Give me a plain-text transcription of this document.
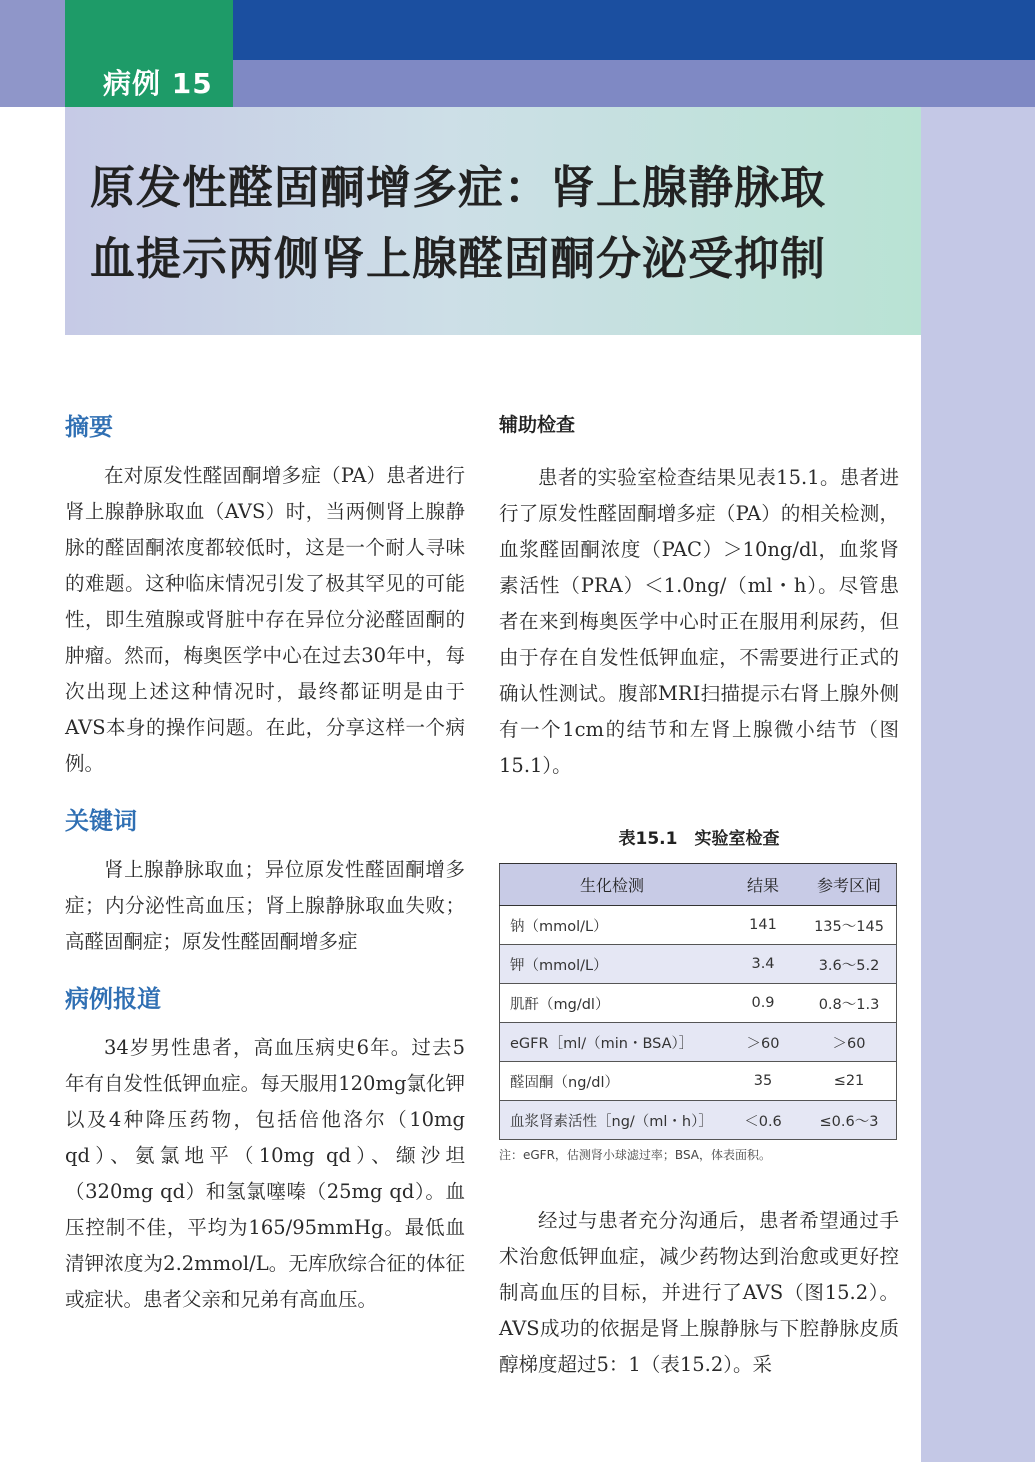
病例 15
原发性醛固酮增多症：肾上腺静脉取
血提示两侧肾上腺醛固酮分泌受抑制
摘要

在对原发性醛固酮增多症（PA）患者进行肾上腺静脉取血（AVS）时，当两侧肾上腺静脉的醛固酮浓度都较低时，这是一个耐人寻味的难题。这种临床情况引发了极其罕见的可能性，即生殖腺或肾脏中存在异位分泌醛固酮的肿瘤。然而，梅奥医学中心在过去30年中，每次出现上述这种情况时，最终都证明是由于AVS本身的操作问题。在此，分享这样一个病例。

关键词

肾上腺静脉取血；异位原发性醛固酮增多症；内分泌性高血压；肾上腺静脉取血失败；高醛固酮症；原发性醛固酮增多症

病例报道

34岁男性患者，高血压病史6年。过去5年有自发性低钾血症。每天服用120mg氯化钾以及4种降压药物，包括倍他洛尔（10mg qd）、氨氯地平（10mg qd）、缬沙坦（320mg qd）和氢氯噻嗪（25mg qd）。血压控制不佳，平均为165/95mmHg。最低血清钾浓度为2.2mmol/L。无库欣综合征的体征或症状。患者父亲和兄弟有高血压。

辅助检查

患者的实验室检查结果见表15.1。患者进行了原发性醛固酮增多症（PA）的相关检测，血浆醛固酮浓度（PAC）＞10ng/dl，血浆肾素活性（PRA）＜1.0ng/（ml・h）。尽管患者在来到梅奥医学中心时正在服用利尿药，但由于存在自发性低钾血症，不需要进行正式的确认性测试。腹部MRI扫描提示右肾上腺外侧有一个1cm的结节和左肾上腺微小结节（图15.1）。

表15.1　实验室检查
生化检测	结果	参考区间
钠（mmol/L）	141	135～145
钾（mmol/L）	3.4	3.6～5.2
肌酐（mg/dl）	0.9	0.8～1.3
eGFR［ml/（min・BSA）］	＞60	＞60
醛固酮（ng/dl）	35	≤21
血浆肾素活性［ng/（ml・h）］	＜0.6	≤0.6～3
注：eGFR，估测肾小球滤过率；BSA，体表面积。

经过与患者充分沟通后，患者希望通过手术治愈低钾血症，减少药物达到治愈或更好控制高血压的目标，并进行了AVS（图15.2）。AVS成功的依据是肾上腺静脉与下腔静脉皮质醇梯度超过5：1（表15.2）。采
